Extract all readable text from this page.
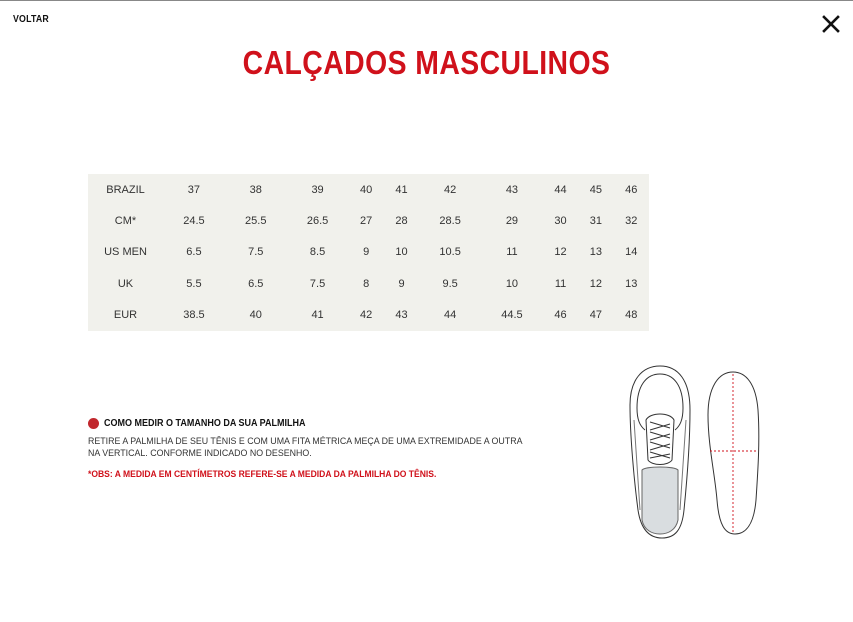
VOLTAR
CALÇADOS MASCULINOS
BRAZIL	37	38	39	40	41	42	43	44	45	46
CM*	24.5	25.5	26.5	27	28	28.5	29	30	31	32
US MEN	6.5	7.5	8.5	9	10	10.5	11	12	13	14
UK	5.5	6.5	7.5	8	9	9.5	10	11	12	13
EUR	38.5	40	41	42	43	44	44.5	46	47	48
COMO MEDIR O TAMANHO DA SUA PALMILHA
RETIRE A PALMILHA DE SEU TÊNIS E COM UMA FITA MÉTRICA MEÇA DE UMA EXTREMIDADE A OUTRA NA VERTICAL. CONFORME INDICADO NO DESENHO.
*OBS: A MEDIDA EM CENTÍMETROS REFERE-SE A MEDIDA DA PALMILHA DO TÊNIS.
